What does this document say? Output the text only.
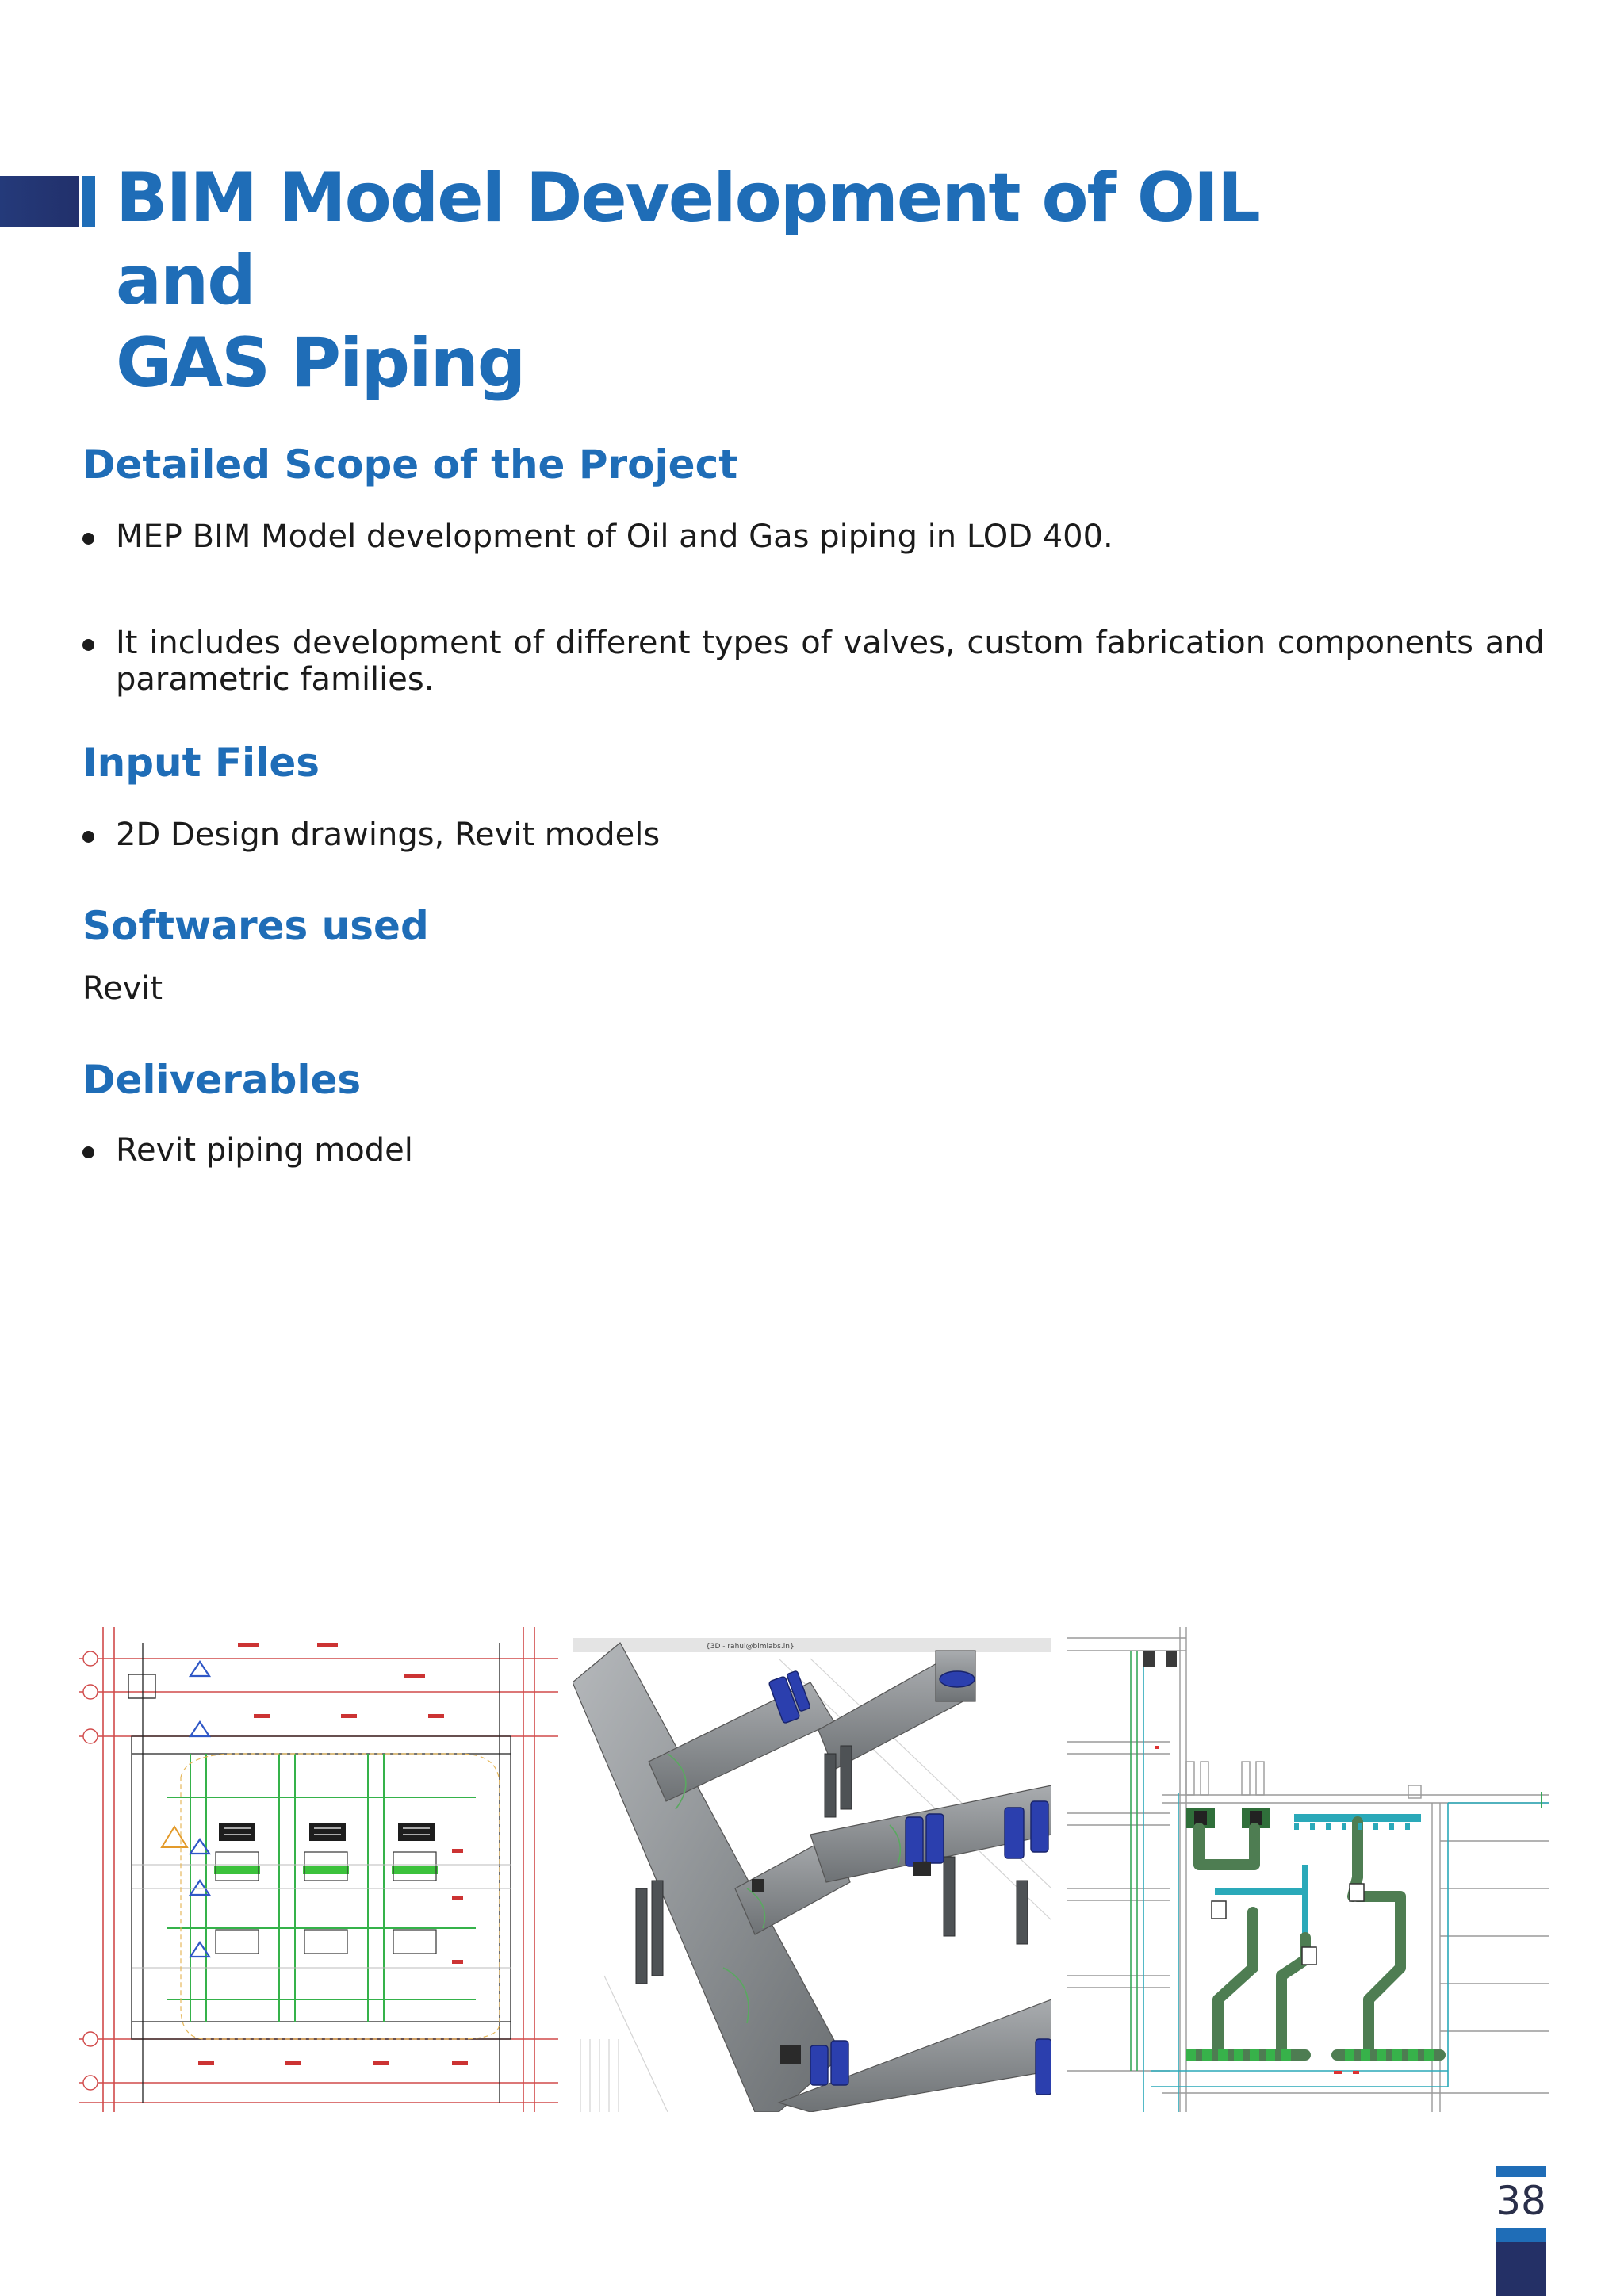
BIM Model Development of OIL and
GAS Piping
Detailed Scope of the Project
MEP BIM Model development of Oil and Gas piping in LOD 400.
It includes development of different types of valves, custom fabrication components and parametric families.
Input Files
2D Design drawings, Revit models
Softwares used

Revit

Deliverables
Revit piping model
{3D - rahul@bimlabs.in}
38
